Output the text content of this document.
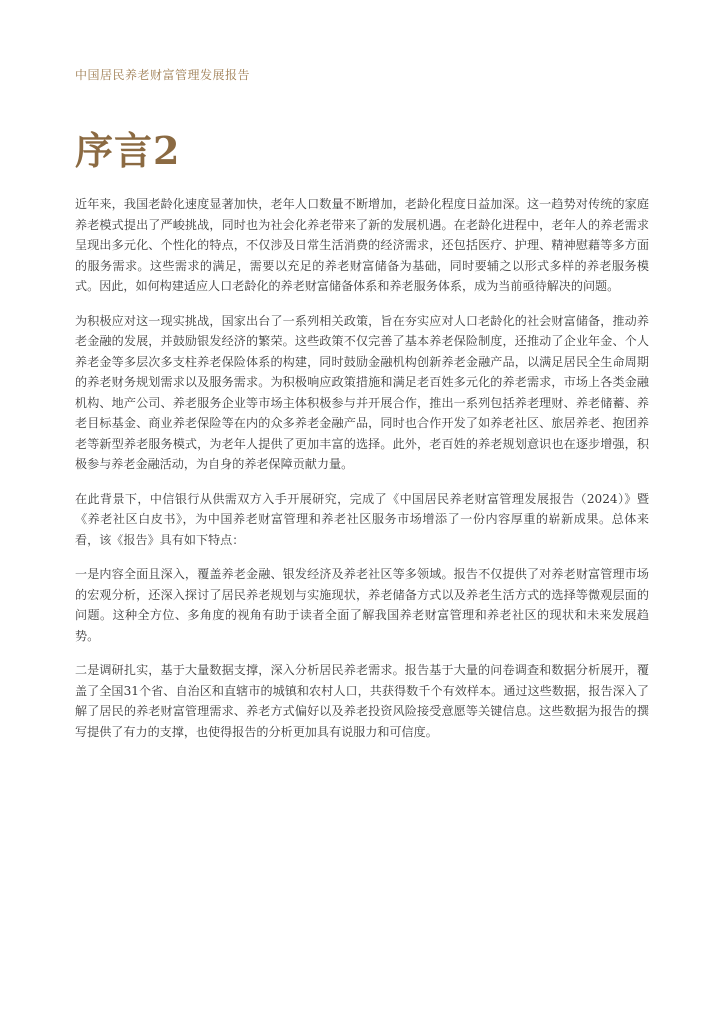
中国居民养老财富管理发展报告
序言2

近年来，我国老龄化速度显著加快，老年人口数量不断增加，老龄化程度日益加深。这一趋势对传统的家庭养老模式提出了严峻挑战，同时也为社会化养老带来了新的发展机遇。在老龄化进程中，老年人的养老需求呈现出多元化、个性化的特点，不仅涉及日常生活消费的经济需求，还包括医疗、护理、精神慰藉等多方面的服务需求。这些需求的满足，需要以充足的养老财富储备为基础，同时要辅之以形式多样的养老服务模式。因此，如何构建适应人口老龄化的养老财富储备体系和养老服务体系，成为当前亟待解决的问题。

为积极应对这一现实挑战，国家出台了一系列相关政策，旨在夯实应对人口老龄化的社会财富储备，推动养老金融的发展，并鼓励银发经济的繁荣。这些政策不仅完善了基本养老保险制度，还推动了企业年金、个人养老金等多层次多支柱养老保险体系的构建，同时鼓励金融机构创新养老金融产品，以满足居民全生命周期的养老财务规划需求以及服务需求。为积极响应政策措施和满足老百姓多元化的养老需求，市场上各类金融机构、地产公司、养老服务企业等市场主体积极参与并开展合作，推出一系列包括养老理财、养老储蓄、养老目标基金、商业养老保险等在内的众多养老金融产品，同时也合作开发了如养老社区、旅居养老、抱团养老等新型养老服务模式，为老年人提供了更加丰富的选择。此外，老百姓的养老规划意识也在逐步增强，积极参与养老金融活动，为自身的养老保障贡献力量。

在此背景下，中信银行从供需双方入手开展研究，完成了《中国居民养老财富管理发展报告（2024）》暨《养老社区白皮书》，为中国养老财富管理和养老社区服务市场增添了一份内容厚重的崭新成果。总体来看，该《报告》具有如下特点：

一是内容全面且深入，覆盖养老金融、银发经济及养老社区等多领域。报告不仅提供了对养老财富管理市场的宏观分析，还深入探讨了居民养老规划与实施现状，养老储备方式以及养老生活方式的选择等微观层面的问题。这种全方位、多角度的视角有助于读者全面了解我国养老财富管理和养老社区的现状和未来发展趋势。

二是调研扎实，基于大量数据支撑，深入分析居民养老需求。报告基于大量的问卷调查和数据分析展开，覆盖了全国31个省、自治区和直辖市的城镇和农村人口，共获得数千个有效样本。通过这些数据，报告深入了解了居民的养老财富管理需求、养老方式偏好以及养老投资风险接受意愿等关键信息。这些数据为报告的撰写提供了有力的支撑，也使得报告的分析更加具有说服力和可信度。
